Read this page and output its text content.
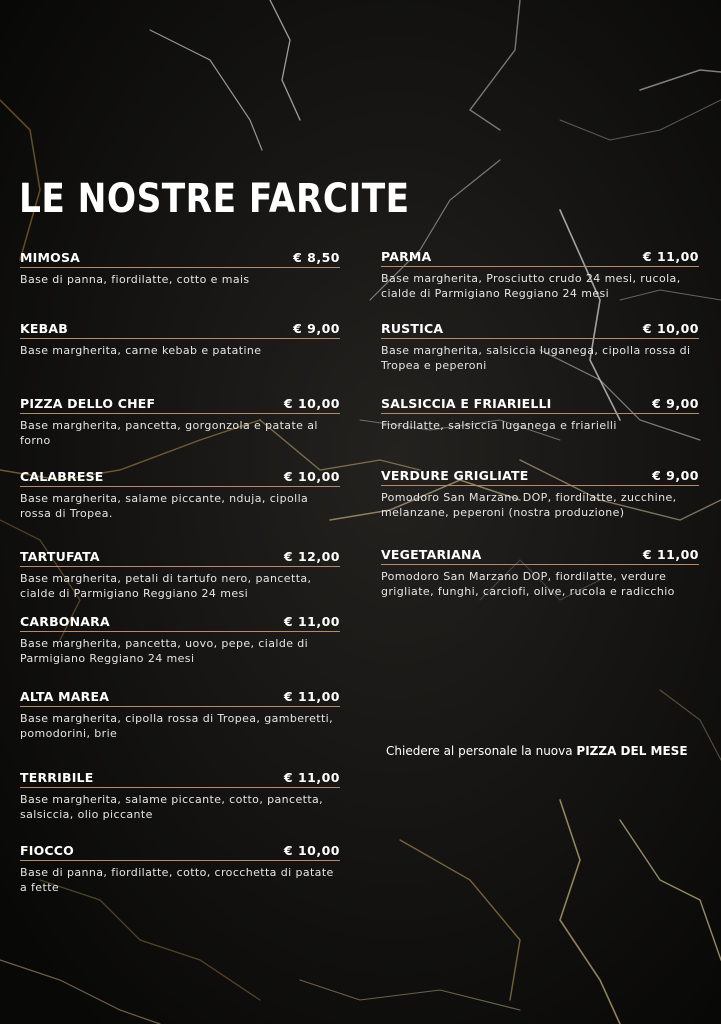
LE NOSTRE FARCITE
MIMOSA	€ 8,50
Base di panna, fiordilatte, cotto e mais
KEBAB	€ 9,00
Base margherita, carne kebab e patatine
PIZZA DELLO CHEF	€ 10,00
Base margherita, pancetta, gorgonzola e patate al forno
CALABRESE	€ 10,00
Base margherita, salame piccante, nduja, cipolla rossa di Tropea.
TARTUFATA	€ 12,00
Base margherita, petali di tartufo nero, pancetta, cialde di Parmigiano Reggiano 24 mesi
CARBONARA	€ 11,00
Base margherita, pancetta, uovo, pepe, cialde di Parmigiano Reggiano 24 mesi
ALTA MAREA	€ 11,00
Base margherita, cipolla rossa di Tropea, gamberetti, pomodorini, brie
TERRIBILE	€ 11,00
Base margherita, salame piccante, cotto, pancetta, salsiccia, olio piccante
FIOCCO	€ 10,00
Base di panna, fiordilatte, cotto, crocchetta di patate a fette
PARMA	€ 11,00
Base margherita, Prosciutto crudo 24 mesi, rucola, cialde di Parmigiano Reggiano 24 mesi
RUSTICA	€ 10,00
Base margherita, salsiccia luganega, cipolla rossa di Tropea e peperoni
SALSICCIA E FRIARIELLI	€ 9,00
Fiordilatte, salsiccia luganega e friarielli
VERDURE GRIGLIATE	€ 9,00
Pomodoro San Marzano DOP, fiordilatte, zucchine, melanzane, peperoni (nostra produzione)
VEGETARIANA	€ 11,00
Pomodoro San Marzano DOP, fiordilatte, verdure grigliate, funghi, carciofi, olive, rucola e radicchio
Chiedere al personale la nuova PIZZA DEL MESE
